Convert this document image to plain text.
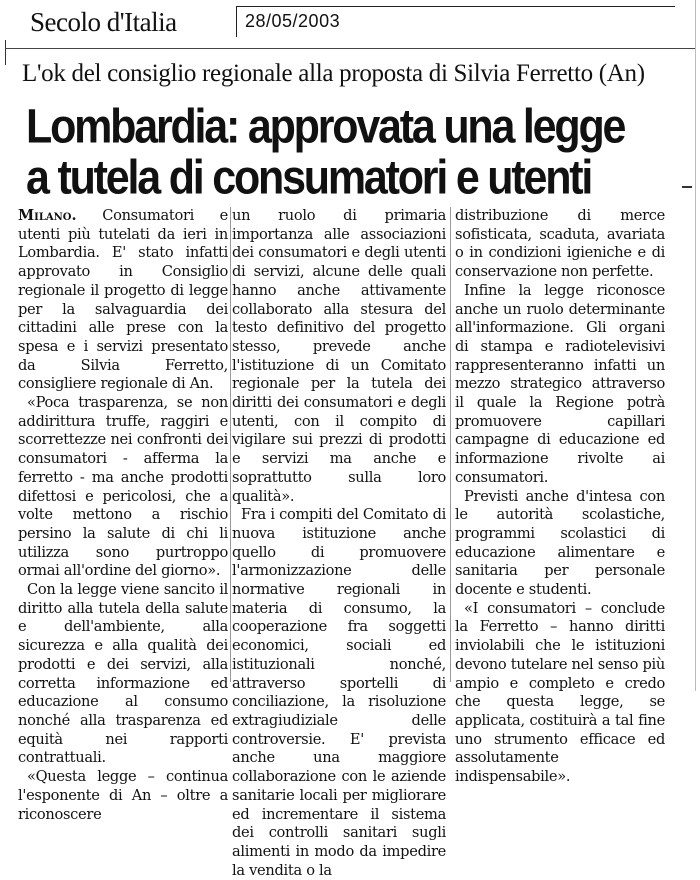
Secolo d'Italia	28/05/2003
L'ok del consiglio regionale alla proposta di Silvia Ferretto (An)
Lombardia: approvata una legge
a tutela di consumatori e utenti

Milano. Consumatori e utenti più tutelati da ieri in Lombardia. E' stato infatti approvato in Consiglio regionale il progetto di legge per la salvaguardia dei cittadini alle prese con la spesa e i servizi presentato da Silvia Ferretto, consigliere regionale di An.

«Poca trasparenza, se non addirittura truffe, raggiri e scorrettezze nei confronti dei consumatori - afferma la ferretto - ma anche prodotti difettosi e pericolosi, che a volte mettono a rischio persino la salute di chi li utilizza sono purtroppo ormai all'ordine del giorno».

Con la legge viene sancito il diritto alla tutela della salute e dell'ambiente, alla sicurezza e alla qualità dei prodotti e dei servizi, alla corretta informazione ed educazione al consumo nonché alla trasparenza ed equità nei rapporti contrattuali.

«Questa legge – continua l'esponente di An – oltre a riconoscere

un ruolo di primaria importanza alle associazioni dei consumatori e degli utenti di servizi, alcune delle quali hanno anche attivamente collaborato alla stesura del testo definitivo del progetto stesso, prevede anche l'istituzione di un Comitato regionale per la tutela dei diritti dei consumatori e degli utenti, con il compito di vigilare sui prezzi di prodotti e servizi ma anche e soprattutto sulla loro qualità».

Fra i compiti del Comitato di nuova istituzione anche quello di promuovere l'armonizzazione delle normative regionali in materia di consumo, la cooperazione fra soggetti economici, sociali ed istituzionali nonché, attraverso sportelli di conciliazione, la risoluzione extragiudiziale delle controversie. E' prevista anche una maggiore collaborazione con le aziende sanitarie locali per migliorare ed incrementare il sistema dei controlli sanitari sugli alimenti in modo da impedire la vendita o la

distribuzione di merce sofisticata, scaduta, avariata o in condizioni igieniche e di conservazione non perfette.

Infine la legge riconosce anche un ruolo determinante all'informazione. Gli organi di stampa e radiotelevisivi rappresenteranno infatti un mezzo strategico attraverso il quale la Regione potrà promuovere capillari campagne di educazione ed informazione rivolte ai consumatori.

Previsti anche d'intesa con le autorità scolastiche, programmi scolastici di educazione alimentare e sanitaria per personale docente e studenti.

«I consumatori – conclude la Ferretto – hanno diritti inviolabili che le istituzioni devono tutelare nel senso più ampio e completo e credo che questa legge, se applicata, costituirà a tal fine uno strumento efficace ed assolutamente indispensabile».
